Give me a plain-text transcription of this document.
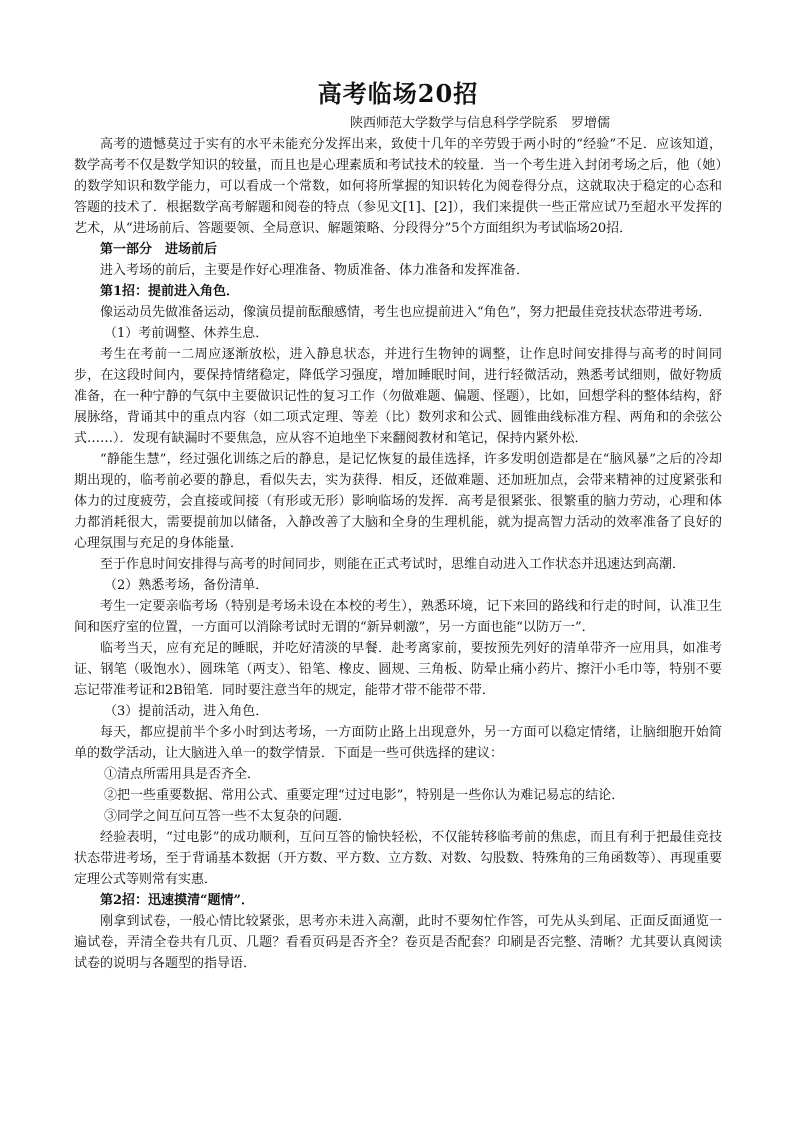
高考临场20招

陕西师范大学数学与信息科学学院系　罗增儒

高考的遗憾莫过于实有的水平未能充分发挥出来，致使十几年的辛劳毁于两小时的“经验”不足．应该知道，数学高考不仅是数学知识的较量，而且也是心理素质和考试技术的较量．当一个考生进入封闭考场之后，他（她）的数学知识和数学能力，可以看成一个常数，如何将所掌握的知识转化为阅卷得分点，这就取决于稳定的心态和答题的技术了．根据数学高考解题和阅卷的特点（参见文[1]、[2]），我们来提供一些正常应试乃至超水平发挥的艺术，从“进场前后、答题要领、全局意识、解题策略、分段得分”5个方面组织为考试临场20招．

第一部分　进场前后

进入考场的前后，主要是作好心理准备、物质准备、体力准备和发挥准备．

第1招：提前进入角色．

像运动员先做准备运动，像演员提前酝酿感情，考生也应提前进入“角色”，努力把最佳竞技状态带进考场．

（1）考前调整、休养生息．

考生在考前一二周应逐渐放松，进入静息状态，并进行生物钟的调整，让作息时间安排得与高考的时间同步，在这段时间内，要保持情绪稳定，降低学习强度，增加睡眠时间，进行轻微活动，熟悉考试细则，做好物质准备，在一种宁静的气氛中主要做识记性的复习工作（勿做难题、偏题、怪题），比如，回想学科的整体结构，舒展脉络，背诵其中的重点内容（如二项式定理、等差（比）数列求和公式、圆锥曲线标准方程、两角和的余弦公式……）．发现有缺漏时不要焦急，应从容不迫地坐下来翻阅教材和笔记，保持内紧外松．

“静能生慧”，经过强化训练之后的静息，是记忆恢复的最佳选择，许多发明创造都是在“脑风暴”之后的冷却期出现的，临考前必要的静息，看似失去，实为获得．相反，还做难题、还加班加点，会带来精神的过度紧张和体力的过度疲劳，会直接或间接（有形或无形）影响临场的发挥．高考是很紧张、很繁重的脑力劳动，心理和体力都消耗很大，需要提前加以储备，入静改善了大脑和全身的生理机能，就为提高智力活动的效率准备了良好的心理氛围与充足的身体能量．

至于作息时间安排得与高考的时间同步，则能在正式考试时，思维自动进入工作状态并迅速达到高潮．

（2）熟悉考场，备份清单．

考生一定要亲临考场（特别是考场未设在本校的考生），熟悉环境，记下来回的路线和行走的时间，认准卫生间和医疗室的位置，一方面可以消除考试时无谓的“新异刺激”，另一方面也能“以防万一”．

临考当天，应有充足的睡眠，并吃好清淡的早餐．赴考离家前，要按预先列好的清单带齐一应用具，如准考证、钢笔（吸饱水）、圆珠笔（两支）、铅笔、橡皮、圆规、三角板、防晕止痛小药片、擦汗小毛巾等，特别不要忘记带准考证和2B铅笔．同时要注意当年的规定，能带才带不能带不带．

（3）提前活动，进入角色．

每天，都应提前半个多小时到达考场，一方面防止路上出现意外，另一方面可以稳定情绪，让脑细胞开始简单的数学活动，让大脑进入单一的数学情景．下面是一些可供选择的建议：

①清点所需用具是否齐全．

②把一些重要数据、常用公式、重要定理“过过电影”，特别是一些你认为难记易忘的结论．

③同学之间互问互答一些不太复杂的问题．

经验表明，“过电影”的成功顺利，互问互答的愉快轻松，不仅能转移临考前的焦虑，而且有利于把最佳竞技状态带进考场，至于背诵基本数据（开方数、平方数、立方数、对数、勾股数、特殊角的三角函数等）、再现重要定理公式等则常有实惠．

第2招：迅速摸清“题情”．

刚拿到试卷，一般心情比较紧张，思考亦未进入高潮，此时不要匆忙作答，可先从头到尾、正面反面通览一遍试卷，弄清全卷共有几页、几题？看看页码是否齐全？卷页是否配套？印刷是否完整、清晰？尤其要认真阅读试卷的说明与各题型的指导语．
